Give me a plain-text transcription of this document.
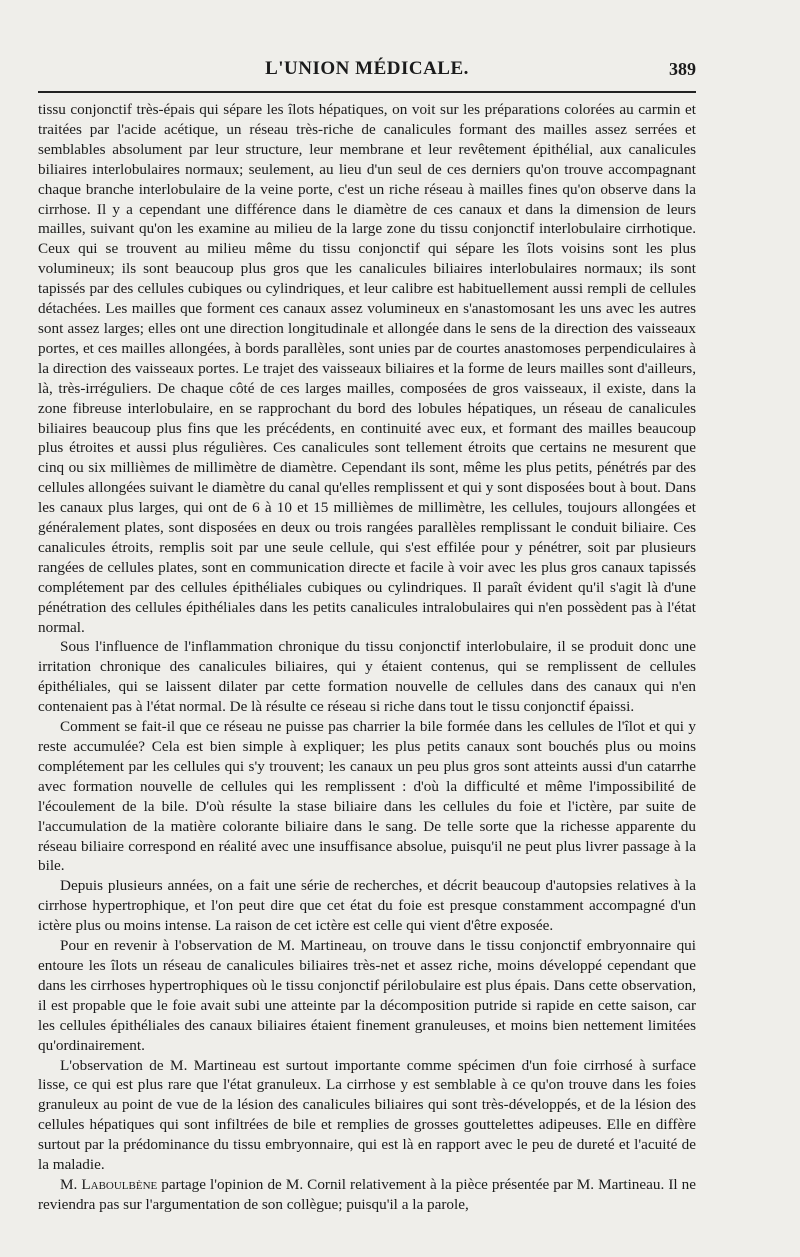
L'UNION MÉDICALE.	389

tissu conjonctif très-épais qui sépare les îlots hépatiques, on voit sur les préparations colorées au carmin et traitées par l'acide acétique, un réseau très-riche de canalicules formant des mailles assez serrées et semblables absolument par leur structure, leur membrane et leur revêtement épithélial, aux canalicules biliaires interlobulaires normaux; seulement, au lieu d'un seul de ces derniers qu'on trouve accompagnant chaque branche interlobulaire de la veine porte, c'est un riche réseau à mailles fines qu'on observe dans la cirrhose. Il y a cependant une différence dans le diamètre de ces canaux et dans la dimension de leurs mailles, suivant qu'on les examine au milieu de la large zone du tissu conjonctif interlobulaire cirrhotique. Ceux qui se trouvent au milieu même du tissu conjonctif qui sépare les îlots voisins sont les plus volumineux; ils sont beaucoup plus gros que les canalicules biliaires interlobulaires normaux; ils sont tapissés par des cellules cubiques ou cylindriques, et leur calibre est habituellement aussi rempli de cellules détachées. Les mailles que forment ces canaux assez volumineux en s'anastomosant les uns avec les autres sont assez larges; elles ont une direction longitudinale et allongée dans le sens de la direction des vaisseaux portes, et ces mailles allongées, à bords parallèles, sont unies par de courtes anastomoses perpendiculaires à la direction des vaisseaux portes. Le trajet des vaisseaux biliaires et la forme de leurs mailles sont d'ailleurs, là, très-irréguliers. De chaque côté de ces larges mailles, composées de gros vaisseaux, il existe, dans la zone fibreuse interlobulaire, en se rapprochant du bord des lobules hépatiques, un réseau de canalicules biliaires beaucoup plus fins que les précédents, en continuité avec eux, et formant des mailles beaucoup plus étroites et aussi plus régulières. Ces canalicules sont tellement étroits que certains ne mesurent que cinq ou six millièmes de millimètre de diamètre. Cependant ils sont, même les plus petits, pénétrés par des cellules allongées suivant le diamètre du canal qu'elles remplissent et qui y sont disposées bout à bout. Dans les canaux plus larges, qui ont de 6 à 10 et 15 millièmes de millimètre, les cellules, toujours allongées et généralement plates, sont disposées en deux ou trois rangées parallèles remplissant le conduit biliaire. Ces canalicules étroits, remplis soit par une seule cellule, qui s'est effilée pour y pénétrer, soit par plusieurs rangées de cellules plates, sont en communication directe et facile à voir avec les plus gros canaux tapissés complétement par des cellules épithéliales cubiques ou cylindriques. Il paraît évident qu'il s'agit là d'une pénétration des cellules épithéliales dans les petits canalicules intralobulaires qui n'en possèdent pas à l'état normal.

Sous l'influence de l'inflammation chronique du tissu conjonctif interlobulaire, il se produit donc une irritation chronique des canalicules biliaires, qui y étaient contenus, qui se remplissent de cellules épithéliales, qui se laissent dilater par cette formation nouvelle de cellules dans des canaux qui n'en contenaient pas à l'état normal. De là résulte ce réseau si riche dans tout le tissu conjonctif épaissi.

Comment se fait-il que ce réseau ne puisse pas charrier la bile formée dans les cellules de l'îlot et qui y reste accumulée? Cela est bien simple à expliquer; les plus petits canaux sont bouchés plus ou moins complétement par les cellules qui s'y trouvent; les canaux un peu plus gros sont atteints aussi d'un catarrhe avec formation nouvelle de cellules qui les remplissent : d'où la difficulté et même l'impossibilité de l'écoulement de la bile. D'où résulte la stase biliaire dans les cellules du foie et l'ictère, par suite de l'accumulation de la matière colorante biliaire dans le sang. De telle sorte que la richesse apparente du réseau biliaire correspond en réalité avec une insuffisance absolue, puisqu'il ne peut plus livrer passage à la bile.

Depuis plusieurs années, on a fait une série de recherches, et décrit beaucoup d'autopsies relatives à la cirrhose hypertrophique, et l'on peut dire que cet état du foie est presque constamment accompagné d'un ictère plus ou moins intense. La raison de cet ictère est celle qui vient d'être exposée.

Pour en revenir à l'observation de M. Martineau, on trouve dans le tissu conjonctif embryonnaire qui entoure les îlots un réseau de canalicules biliaires très-net et assez riche, moins développé cependant que dans les cirrhoses hypertrophiques où le tissu conjonctif périlobulaire est plus épais. Dans cette observation, il est propable que le foie avait subi une atteinte par la décomposition putride si rapide en cette saison, car les cellules épithéliales des canaux biliaires étaient finement granuleuses, et moins bien nettement limitées qu'ordinairement.

L'observation de M. Martineau est surtout importante comme spécimen d'un foie cirrhosé à surface lisse, ce qui est plus rare que l'état granuleux. La cirrhose y est semblable à ce qu'on trouve dans les foies granuleux au point de vue de la lésion des canalicules biliaires qui sont très-développés, et de la lésion des cellules hépatiques qui sont infiltrées de bile et remplies de grosses gouttelettes adipeuses. Elle en diffère surtout par la prédominance du tissu embryonnaire, qui est là en rapport avec le peu de dureté et l'acuité de la maladie.

M. Laboulbène partage l'opinion de M. Cornil relativement à la pièce présentée par M. Martineau. Il ne reviendra pas sur l'argumentation de son collègue; puisqu'il a la parole,
